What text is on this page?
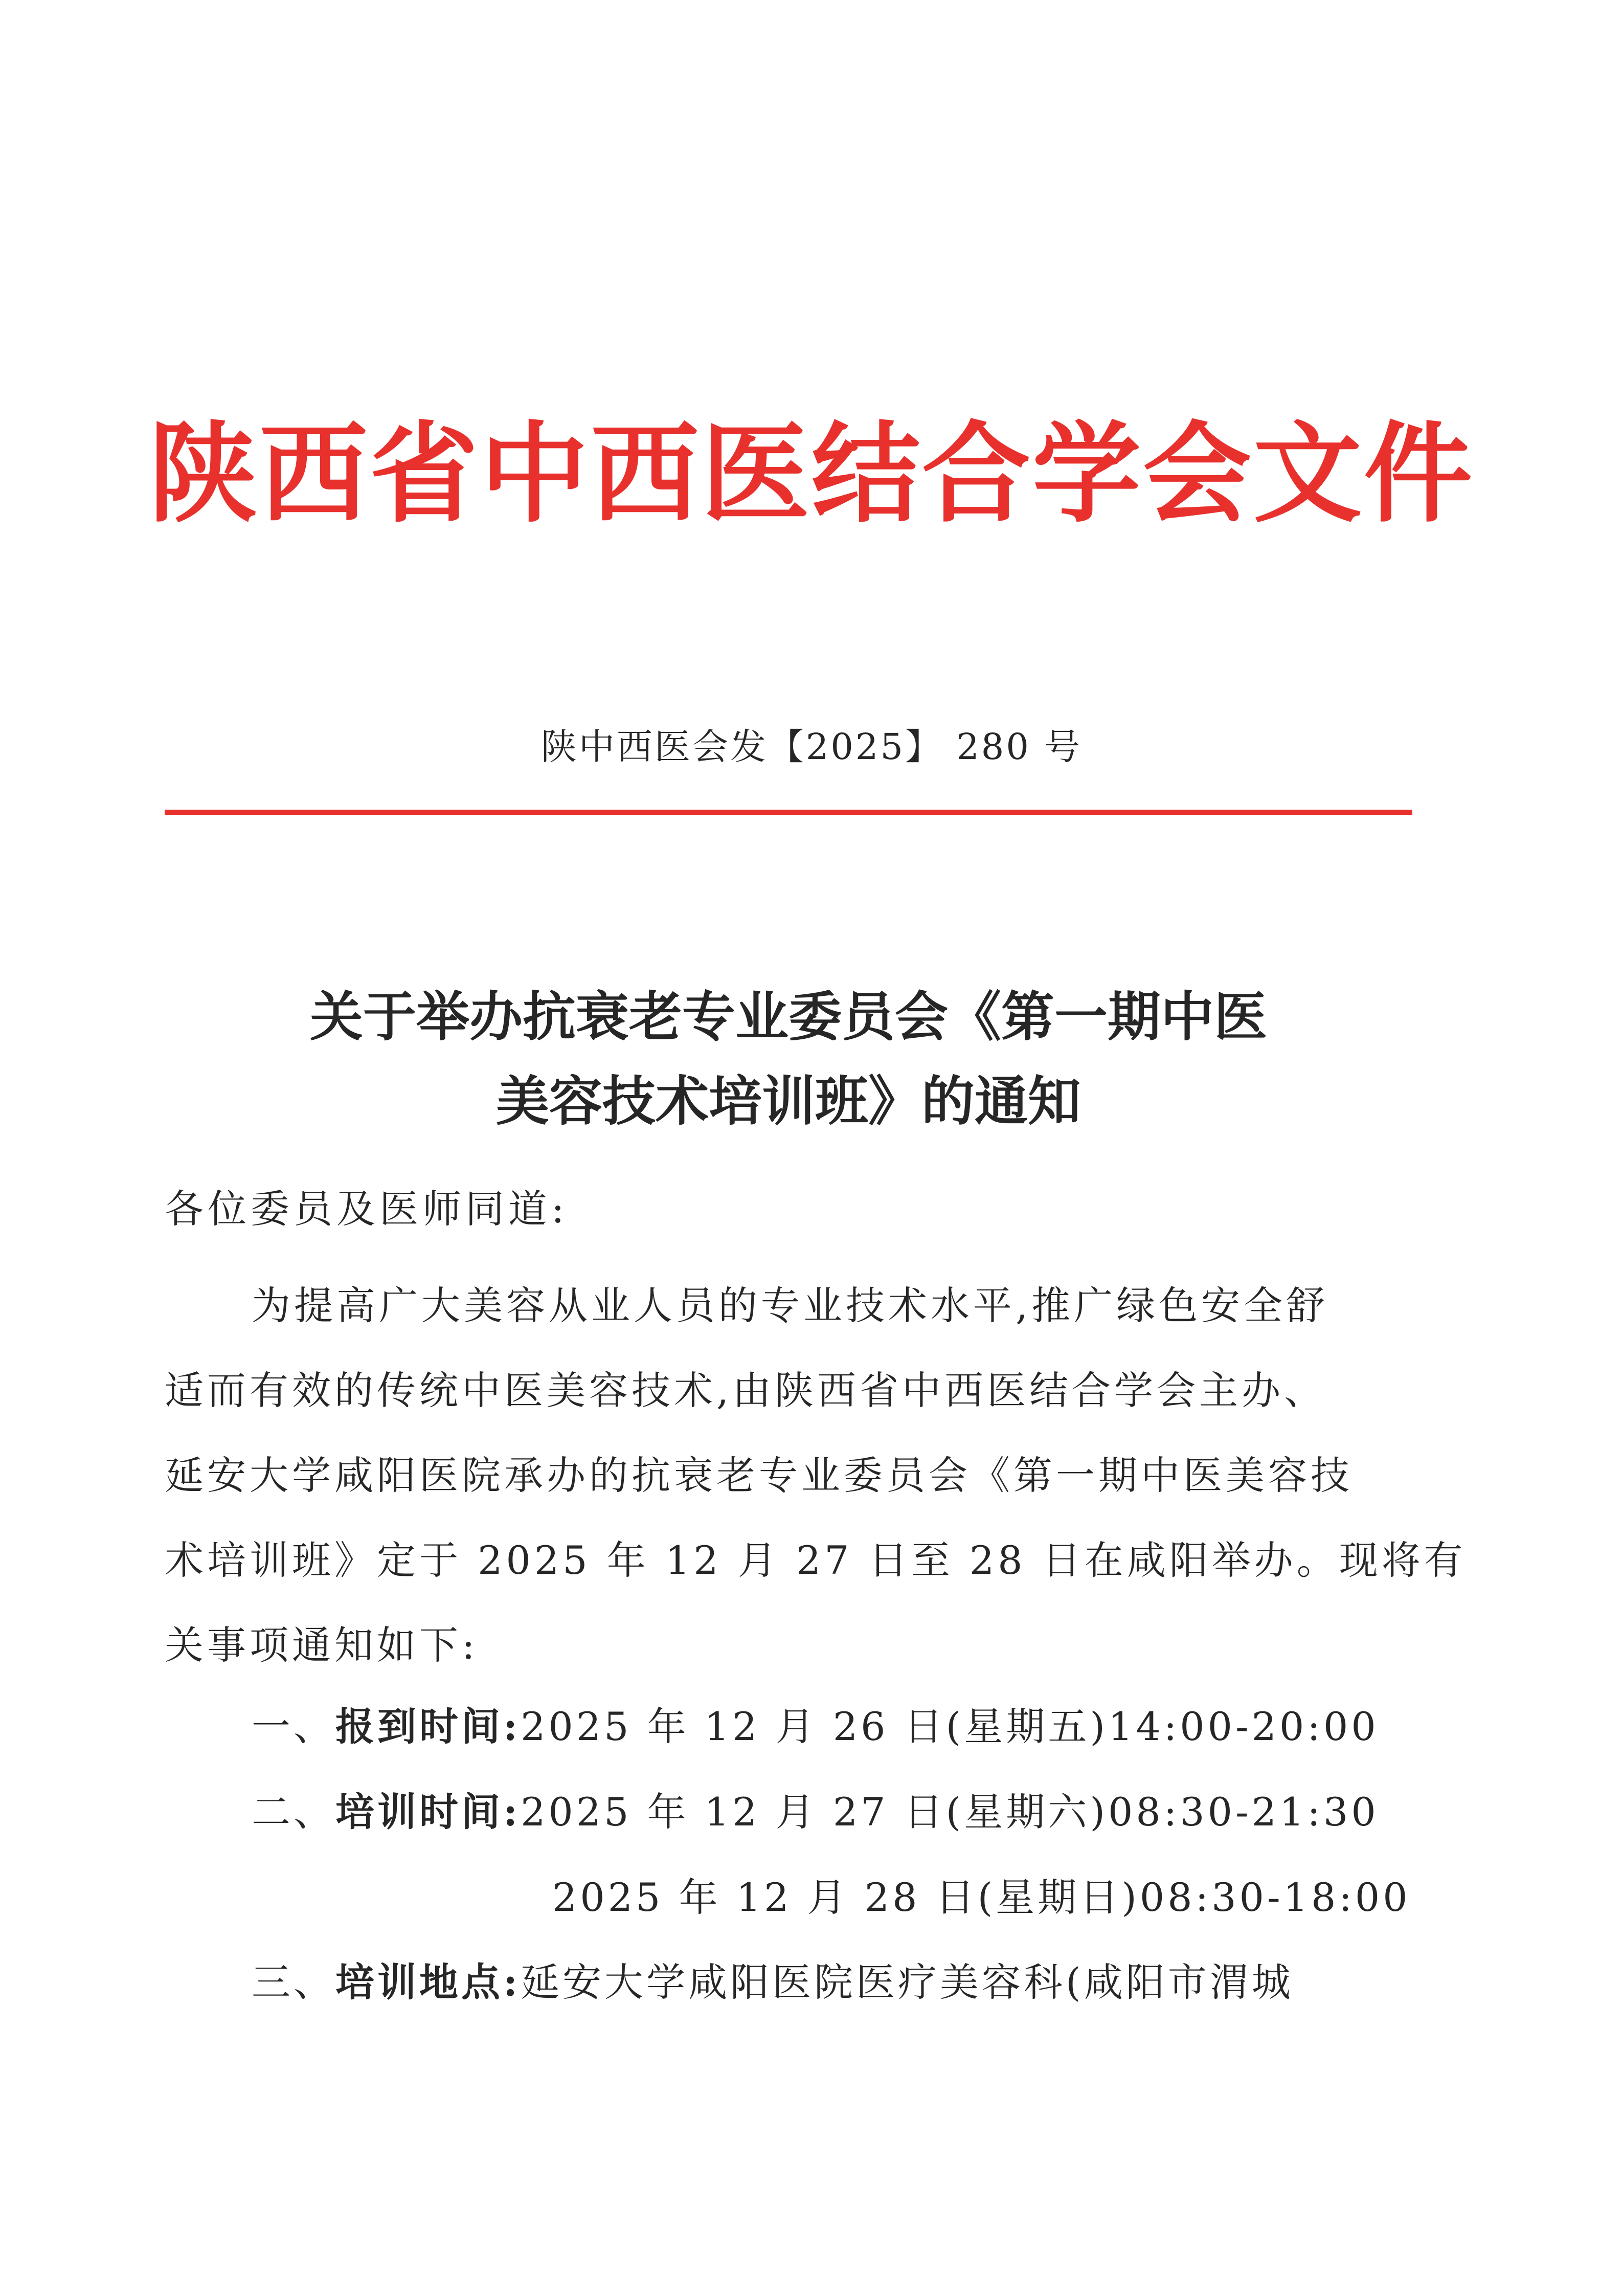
陕西省中西医结合学会文件
陕中西医会发【2025】 280 号
关于举办抗衰老专业委员会《第一期中医
美容技术培训班》的通知
各位委员及医师同道:
为提高广大美容从业人员的专业技术水平,推广绿色安全舒
适而有效的传统中医美容技术,由陕西省中西医结合学会主办、
延安大学咸阳医院承办的抗衰老专业委员会《第一期中医美容技
术培训班》定于 2025 年 12 月 27 日至 28 日在咸阳举办。现将有
关事项通知如下:
一、报到时间:2025 年 12 月 26 日(星期五)14:00-20:00
二、培训时间:2025 年 12 月 27 日(星期六)08:30-21:30
2025 年 12 月 28 日(星期日)08:30-18:00
三、培训地点:延安大学咸阳医院医疗美容科(咸阳市渭城
